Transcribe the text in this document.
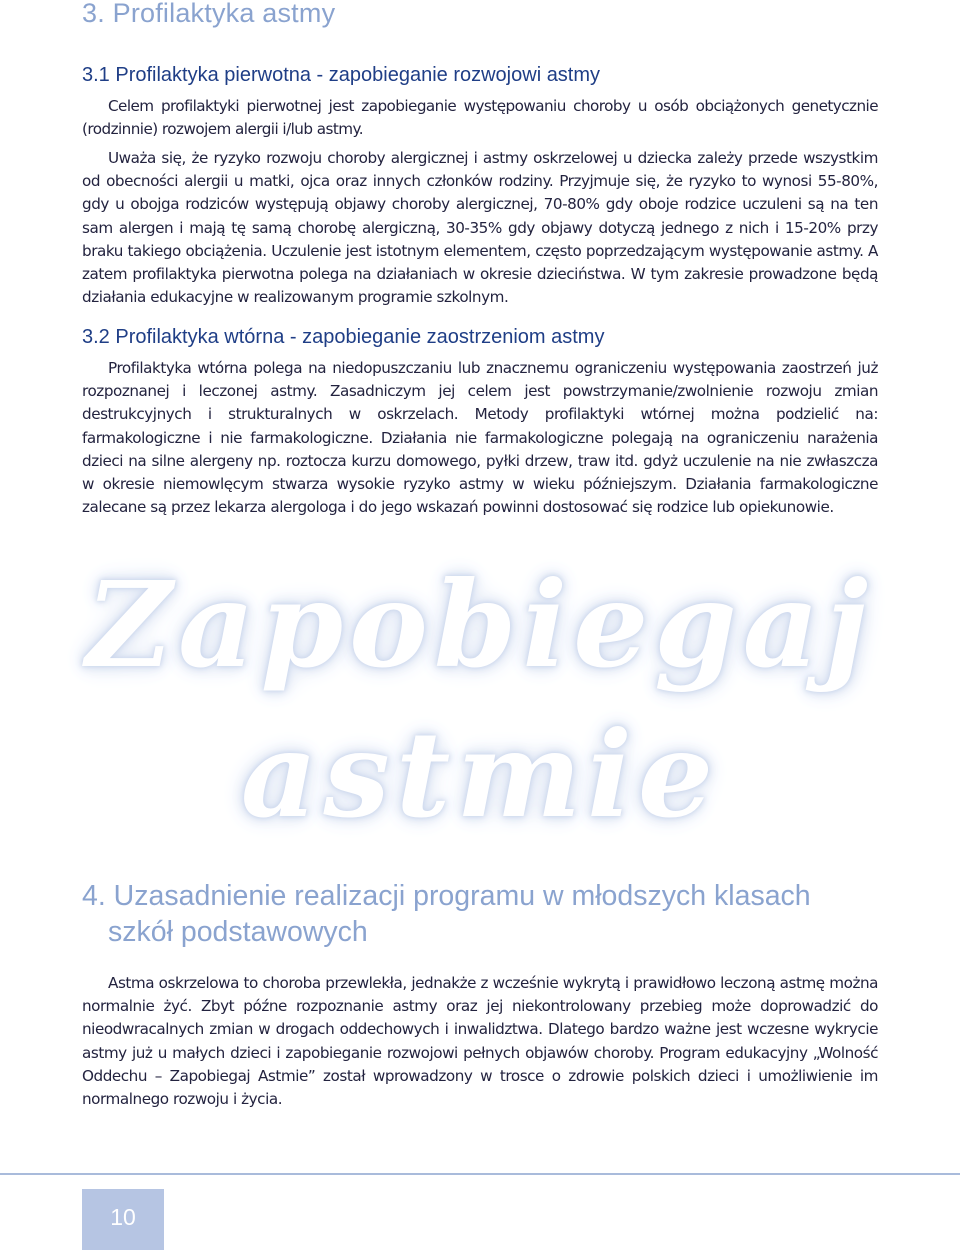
3. Profilaktyka astmy
3.1 Profilaktyka pierwotna - zapobieganie rozwojowi astmy

Celem profilaktyki pierwotnej jest zapobieganie występowaniu choroby u osób obciążonych genetycznie (rodzinnie) rozwojem alergii i/lub astmy.

Uważa się, że ryzyko rozwoju choroby alergicznej i astmy oskrzelowej u dziecka zależy przede wszystkim od obecności alergii u matki, ojca oraz innych członków rodziny. Przyjmuje się, że ryzyko to wynosi 55-80%, gdy u obojga rodziców występują objawy choroby alergicznej, 70-80% gdy oboje rodzice uczuleni są na ten sam alergen i mają tę samą chorobę alergiczną, 30-35% gdy objawy dotyczą jednego z nich i 15-20% przy braku takiego obciążenia. Uczulenie jest istotnym elementem, często poprzedzającym występowanie astmy. A zatem profilaktyka pierwotna polega na działaniach w okresie dzieciństwa. W tym zakresie prowadzone będą działania edukacyjne w realizowanym programie szkolnym.

3.2 Profilaktyka wtórna - zapobieganie zaostrzeniom astmy

Profilaktyka wtórna polega na niedopuszczaniu lub znacznemu ograniczeniu występowania zaostrzeń już rozpoznanej i leczonej astmy. Zasadniczym jej celem jest powstrzymanie/zwolnienie rozwoju zmian destrukcyjnych i strukturalnych w oskrzelach. Metody profilaktyki wtórnej można podzielić na: farmakologiczne i nie farmakologiczne. Działania nie farmakologiczne polegają na ograniczeniu narażenia dzieci na silne alergeny np. roztocza kurzu domowego, pyłki drzew, traw itd. gdyż uczulenie na nie zwłaszcza w okresie niemowlęcym stwarza wysokie ryzyko astmy w wieku późniejszym. Działania farmakologiczne zalecane są przez lekarza alergologa i do jego wskazań powinni dostosować się rodzice lub opiekunowie.

Zapobiegaj
astmie
4. Uzasadnienie realizacji programu w młodszych klasach
szkół podstawowych

Astma oskrzelowa to choroba przewlekła, jednakże z wcześnie wykrytą i prawidłowo leczoną astmę można normalnie żyć. Zbyt późne rozpoznanie astmy oraz jej niekontrolowany przebieg może doprowadzić do nieodwracalnych zmian w drogach oddechowych i inwalidztwa. Dlatego bardzo ważne jest wczesne wykrycie astmy już u małych dzieci i zapobieganie rozwojowi pełnych objawów choroby. Program edukacyjny „Wolność Oddechu – Zapobiegaj Astmie” został wprowadzony w trosce o zdrowie polskich dzieci i umożliwienie im normalnego rozwoju i życia.

10
